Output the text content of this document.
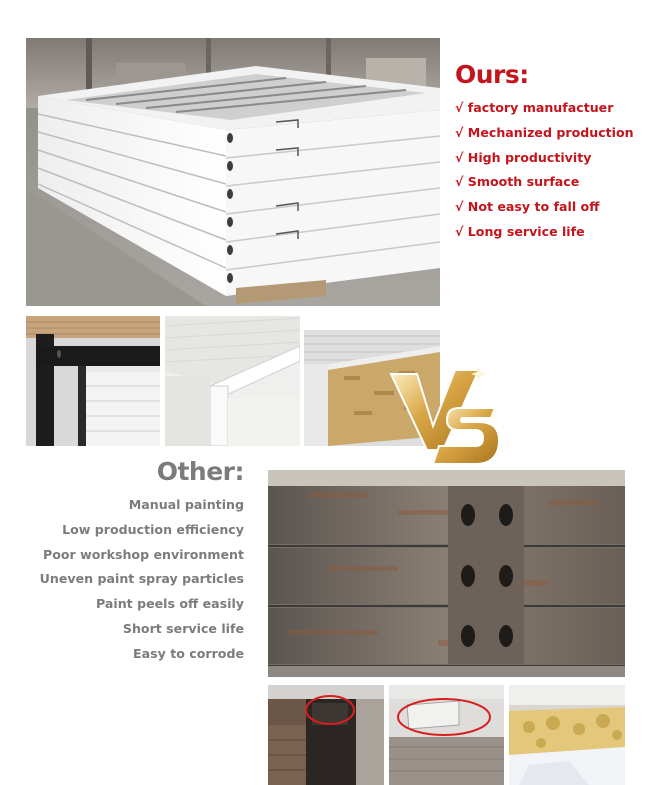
Ours:
√ factory manufactuer
√ Mechanized production
√ High productivity
√ Smooth surface
√ Not easy to fall off
√ Long service life
Other:
Manual painting
Low production efficiency
Poor workshop environment
Uneven paint spray particles
Paint peels off easily
Short service life
Easy to corrode
